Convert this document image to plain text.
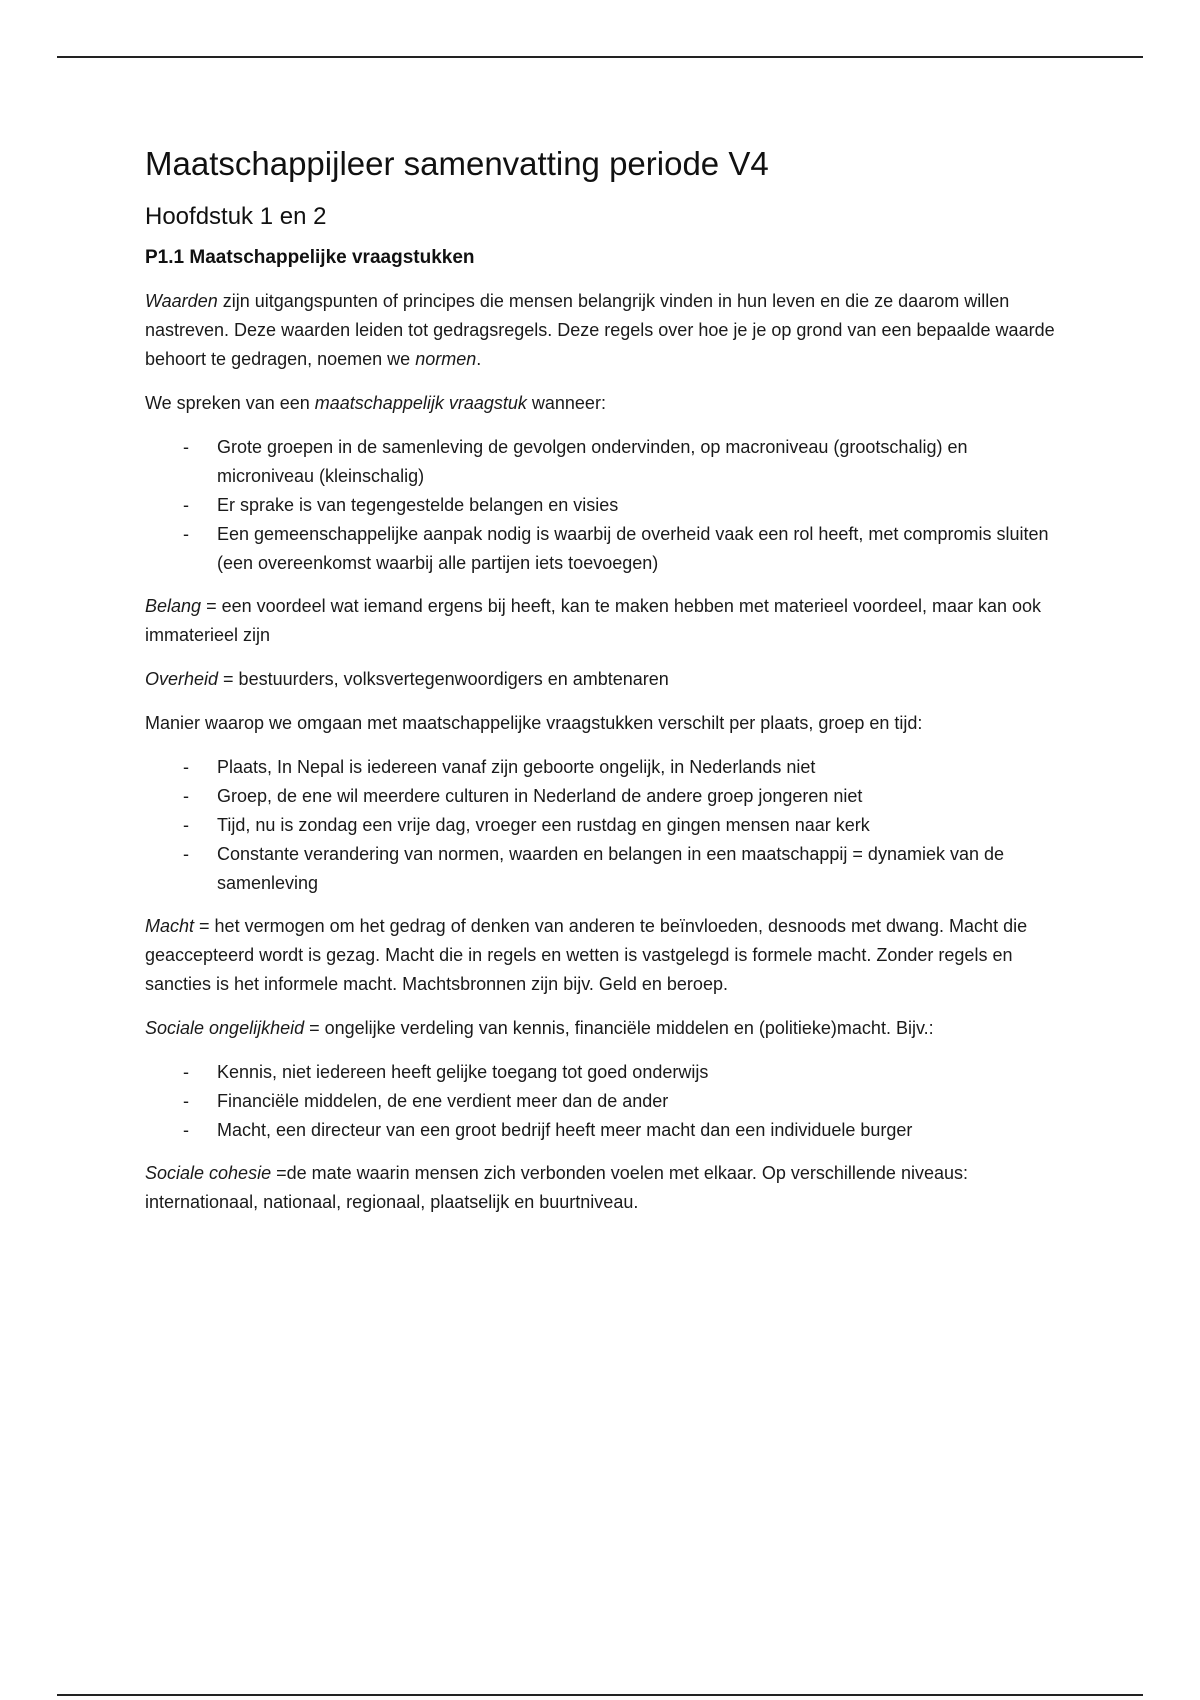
Maatschappijleer samenvatting periode V4
Hoofdstuk 1 en 2
P1.1 Maatschappelijke vraagstukken

Waarden zijn uitgangspunten of principes die mensen belangrijk vinden in hun leven en die ze daarom willen nastreven. Deze waarden leiden tot gedragsregels. Deze regels over hoe je je op grond van een bepaalde waarde behoort te gedragen, noemen we normen.

We spreken van een maatschappelijk vraagstuk wanneer:

- Grote groepen in de samenleving de gevolgen ondervinden, op macroniveau (grootschalig) en microniveau (kleinschalig)
- Er sprake is van tegengestelde belangen en visies
- Een gemeenschappelijke aanpak nodig is waarbij de overheid vaak een rol heeft, met compromis sluiten (een overeenkomst waarbij alle partijen iets toevoegen)

Belang = een voordeel wat iemand ergens bij heeft, kan te maken hebben met materieel voordeel, maar kan ook immaterieel zijn

Overheid = bestuurders, volksvertegenwoordigers en ambtenaren

Manier waarop we omgaan met maatschappelijke vraagstukken verschilt per plaats, groep en tijd:

- Plaats, In Nepal is iedereen vanaf zijn geboorte ongelijk, in Nederlands niet
- Groep, de ene wil meerdere culturen in Nederland de andere groep jongeren niet
- Tijd, nu is zondag een vrije dag, vroeger een rustdag en gingen mensen naar kerk
- Constante verandering van normen, waarden en belangen in een maatschappij = dynamiek van de samenleving

Macht = het vermogen om het gedrag of denken van anderen te beïnvloeden, desnoods met dwang. Macht die geaccepteerd wordt is gezag. Macht die in regels en wetten is vastgelegd is formele macht. Zonder regels en sancties is het informele macht. Machtsbronnen zijn bijv. Geld en beroep.

Sociale ongelijkheid = ongelijke verdeling van kennis, financiële middelen en (politieke)macht. Bijv.:

- Kennis, niet iedereen heeft gelijke toegang tot goed onderwijs
- Financiële middelen, de ene verdient meer dan de ander
- Macht, een directeur van een groot bedrijf heeft meer macht dan een individuele burger

Sociale cohesie =de mate waarin mensen zich verbonden voelen met elkaar. Op verschillende niveaus: internationaal, nationaal, regionaal, plaatselijk en buurtniveau.
